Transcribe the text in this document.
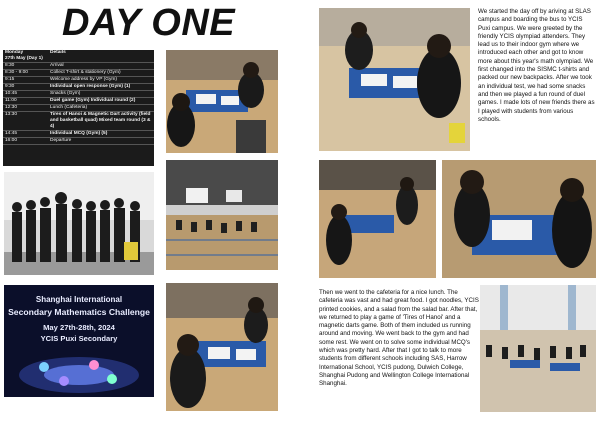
DAY ONE
Monday
27th May (Day 1)
Details
8:30	Arrival
8:30 - 9:00	Collect T-shirt & stationery (Gym)
9:15	Welcome address by VP (Gym)
9:30	Individual open response (Gym) (1)
10:45	Snacks (Gym)
11:00	Duel game (Gym) Individual round (2)
12:30	Lunch (Cafeteria)
13:30	Tires of Hanoi & Magnetic Dart activity (field and basketball quad) Mixed team round (3 & 4)
14:45	Individual MCQ (Gym) (5)
16:00	Departure
Shanghai International
Secondary Mathematics Challenge
May 27th-28th, 2024
YCIS Puxi Secondary
We started the day off by ariving at SLAS campus and boarding the bus to YCIS Puxi campus. We were greeted by the friendly YCIS olympiad attenders. They lead us to their indoor gym where we introduced each other and got to know more about this year's math olympiad. We first changed into the SISMC t-shirts and packed our new backpacks. After we took an individual test, we had some snacks and then we played a fun round of duel games. I made lots of new friends there as I played with students from various schools.
Then we went to the cafeteria for a nice lunch. The cafeteria was vast and had great food. I got noodles, YCIS printed cookies, and a salad from the salad bar. After that, we returned to play a game of 'Tires of Hanoi' and a magnetic darts game. Both of them included us running around and moving. We went back to the gym and had some rest. We went on to solve some individual MCQ's which was pretty hard. After that I got to talk to more students from different schools including SAS, Harrow International School, YCIS pudong, Dulwich College, Shanghai Pudong and Wellington College International Shanghai.
